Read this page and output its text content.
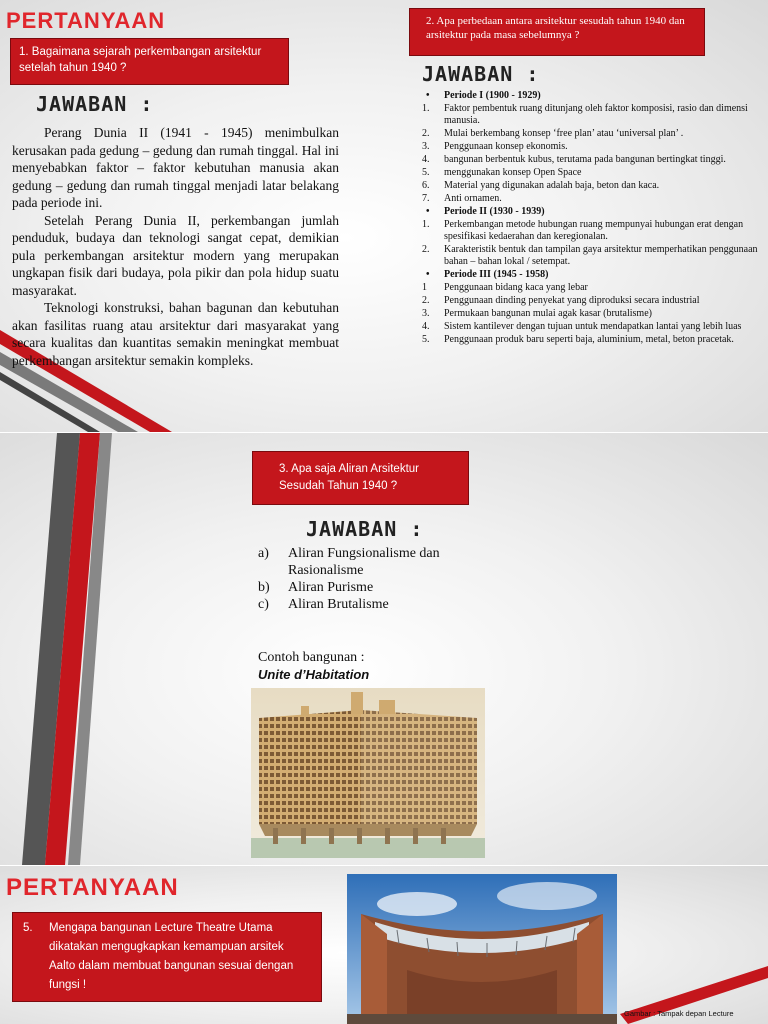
PERTANYAAN
1. Bagaimana sejarah perkembangan arsitektur setelah tahun 1940 ?
JAWABAN :

Perang Dunia II (1941 - 1945) menimbulkan kerusakan pada gedung – gedung dan rumah tinggal. Hal ini menyebabkan faktor – faktor kebutuhan manusia akan gedung – gedung dan rumah tinggal menjadi latar belakang pada periode ini.

Setelah Perang Dunia II, perkembangan jumlah penduduk, budaya dan teknologi sangat cepat, demikian pula perkembangan arsitektur modern yang merupakan ungkapan fisik dari budaya, pola pikir dan pola hidup suatu masyarakat.

Teknologi konstruksi, bahan bagunan dan kebutuhan akan fasilitas ruang atau arsitektur dari masyarakat yang secara kualitas dan kuantitas semakin meningkat membuat perkembangan arsitektur semakin kompleks.

2. Apa perbedaan antara arsitektur sesudah tahun 1940 dan arsitektur pada masa sebelumnya ?
JAWABAN :
•	Periode I (1900 - 1929)
1.	Faktor pembentuk ruang ditunjang oleh faktor komposisi, rasio dan dimensi manusia.
2.	Mulai berkembang konsep ‘free plan’ atau ‘universal plan’ .
3.	Penggunaan konsep ekonomis.
4.	bangunan berbentuk kubus, terutama pada bangunan bertingkat tinggi.
5.	menggunakan konsep Open Space
6.	Material yang digunakan adalah baja, beton dan kaca.
7.	Anti ornamen.
•	Periode II (1930 - 1939)
1.	Perkembangan metode hubungan ruang mempunyai hubungan erat dengan spesifikasi kedaerahan dan keregionalan.
2.	Karakteristik bentuk dan tampilan gaya arsitektur memperhatikan penggunaan bahan – bahan lokal / setempat.
•	Periode III (1945 - 1958)
1	Penggunaan bidang kaca yang lebar
2.	Penggunaan dinding penyekat yang diproduksi secara industrial
3.	Permukaan bangunan mulai agak kasar (brutalisme)
4.	Sistem kantilever dengan tujuan untuk mendapatkan lantai yang lebih luas
5.	Penggunaan produk baru seperti baja, aluminium, metal, beton pracetak.
3. Apa saja Aliran Arsitektur Sesudah Tahun 1940 ?
JAWABAN :
a) Aliran Fungsionalisme dan Rasionalisme
b) Aliran Purisme
c) Aliran Brutalisme
Contoh bangunan :
Unite d’Habitation
PERTANYAAN
5. Mengapa bangunan Lecture Theatre Utama dikatakan mengugkapkan kemampuan arsitek Aalto dalam membuat bangunan sesuai dengan fungsi !
Gambar : Tampak depan Lecture
